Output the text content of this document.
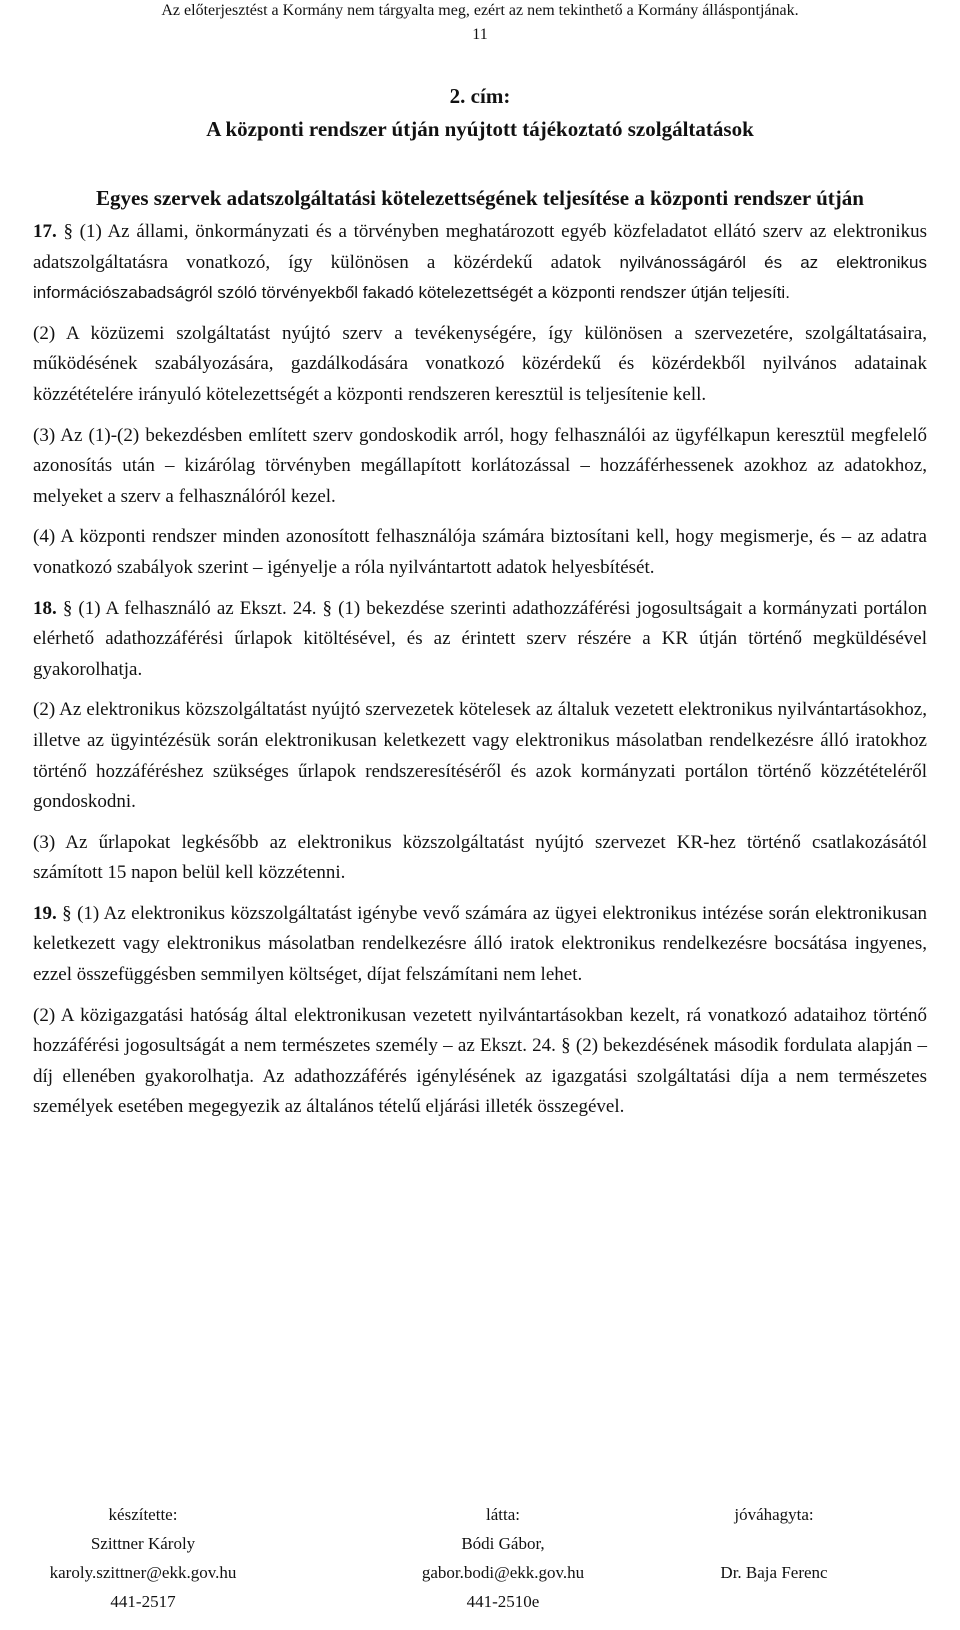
Az előterjesztést a Kormány nem tárgyalta meg, ezért az nem tekinthető a Kormány álláspontjának.
11
2. cím:
A központi rendszer útján nyújtott tájékoztató szolgáltatások
Egyes szervek adatszolgáltatási kötelezettségének teljesítése a központi rendszer útján

17. § (1) Az állami, önkormányzati és a törvényben meghatározott egyéb közfeladatot ellátó szerv az elektronikus adatszolgáltatásra vonatkozó, így különösen a közérdekű adatok nyilvánosságáról és az elektronikus információszabadságról szóló törvényekből fakadó kötelezettségét a központi rendszer útján teljesíti.

(2) A közüzemi szolgáltatást nyújtó szerv a tevékenységére, így különösen a szervezetére, szolgáltatásaira, működésének szabályozására, gazdálkodására vonatkozó közérdekű és közérdekből nyilvános adatainak közzétételére irányuló kötelezettségét a központi rendszeren keresztül is teljesítenie kell.

(3) Az (1)-(2) bekezdésben említett szerv gondoskodik arról, hogy felhasználói az ügyfélkapun keresztül megfelelő azonosítás után – kizárólag törvényben megállapított korlátozással – hozzáférhessenek azokhoz az adatokhoz, melyeket a szerv a felhasználóról kezel.

(4) A központi rendszer minden azonosított felhasználója számára biztosítani kell, hogy megismerje, és – az adatra vonatkozó szabályok szerint – igényelje a róla nyilvántartott adatok helyesbítését.

18. § (1) A felhasználó az Ekszt. 24. § (1) bekezdése szerinti adathozzáférési jogosultságait a kormányzati portálon elérhető adathozzáférési űrlapok kitöltésével, és az érintett szerv részére a KR útján történő megküldésével gyakorolhatja.

(2) Az elektronikus közszolgáltatást nyújtó szervezetek kötelesek az általuk vezetett elektronikus nyilvántartásokhoz, illetve az ügyintézésük során elektronikusan keletkezett vagy elektronikus másolatban rendelkezésre álló iratokhoz történő hozzáféréshez szükséges űrlapok rendszeresítéséről és azok kormányzati portálon történő közzétételéről gondoskodni.

(3) Az űrlapokat legkésőbb az elektronikus közszolgáltatást nyújtó szervezet KR-hez történő csatlakozásától számított 15 napon belül kell közzétenni.

19. § (1) Az elektronikus közszolgáltatást igénybe vevő számára az ügyei elektronikus intézése során elektronikusan keletkezett vagy elektronikus másolatban rendelkezésre álló iratok elektronikus rendelkezésre bocsátása ingyenes, ezzel összefüggésben semmilyen költséget, díjat felszámítani nem lehet.

(2) A közigazgatási hatóság által elektronikusan vezetett nyilvántartásokban kezelt, rá vonatkozó adataihoz történő hozzáférési jogosultságát a nem természetes személy – az Ekszt. 24. § (2) bekezdésének második fordulata alapján – díj ellenében gyakorolhatja. Az adathozzáférés igénylésének az igazgatási szolgáltatási díja a nem természetes személyek esetében megegyezik az általános tételű eljárási illeték összegével.

készítette:
Szittner Károly
karoly.szittner@ekk.gov.hu
441-2517
látta:
Bódi Gábor,
gabor.bodi@ekk.gov.hu
441-2510e
jóváhagyta:

Dr. Baja Ferenc
